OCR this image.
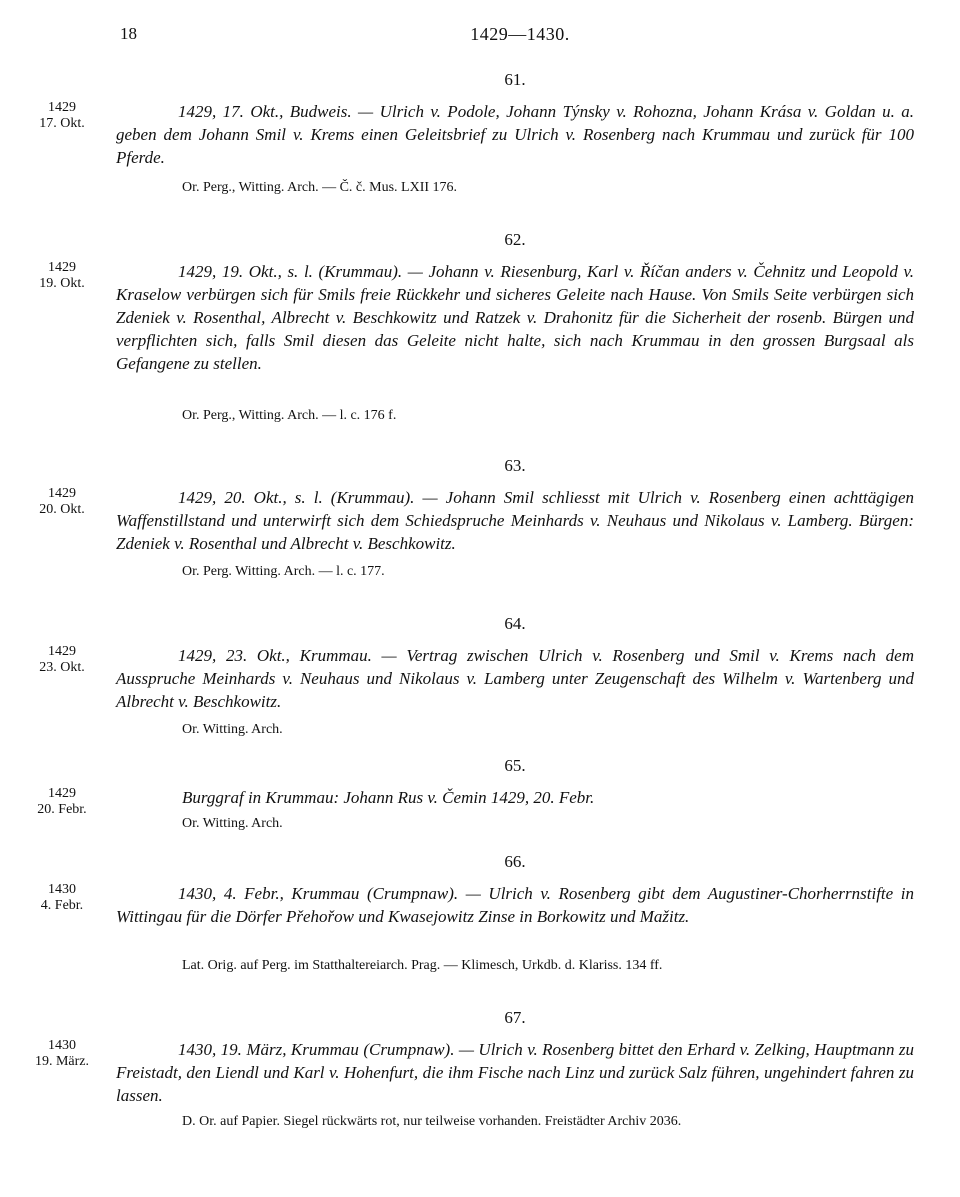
18	1429—1430.
61.
1429
17. Okt.
1429, 17. Okt., Budweis. — Ulrich v. Podole, Johann Týnsky v. Rohozna, Johann Krása v. Goldan u. a. geben dem Johann Smil v. Krems einen Geleitsbrief zu Ulrich v. Rosenberg nach Krummau und zurück für 100 Pferde.
Or. Perg., Witting. Arch. — Č. č. Mus. LXII 176.
62.
1429
19. Okt.
1429, 19. Okt., s. l. (Krummau). — Johann v. Riesenburg, Karl v. Říčan anders v. Čehnitz und Leopold v. Kraselow verbürgen sich für Smils freie Rückkehr und sicheres Geleite nach Hause. Von Smils Seite verbürgen sich Zdeniek v. Rosenthal, Albrecht v. Beschkowitz und Ratzek v. Drahonitz für die Sicherheit der rosenb. Bürgen und verpflichten sich, falls Smil diesen das Geleite nicht halte, sich nach Krummau in den grossen Burgsaal als Gefangene zu stellen.
Or. Perg., Witting. Arch. — l. c. 176 f.
63.
1429
20. Okt.
1429, 20. Okt., s. l. (Krummau). — Johann Smil schliesst mit Ulrich v. Rosenberg einen achttägigen Waffenstillstand und unterwirft sich dem Schiedspruche Meinhards v. Neuhaus und Nikolaus v. Lamberg. Bürgen: Zdeniek v. Rosenthal und Albrecht v. Beschkowitz.
Or. Perg. Witting. Arch. — l. c. 177.
64.
1429
23. Okt.
1429, 23. Okt., Krummau. — Vertrag zwischen Ulrich v. Rosenberg und Smil v. Krems nach dem Ausspruche Meinhards v. Neuhaus und Nikolaus v. Lamberg unter Zeugenschaft des Wilhelm v. Wartenberg und Albrecht v. Beschkowitz.
Or. Witting. Arch.
65.
1429
20. Febr.
Burggraf in Krummau: Johann Rus v. Čemin 1429, 20. Febr.
Or. Witting. Arch.
66.
1430
4. Febr.
1430, 4. Febr., Krummau (Crumpnaw). — Ulrich v. Rosenberg gibt dem Augustiner-Chorherrnstifte in Wittingau für die Dörfer Přehořow und Kwasejowitz Zinse in Borkowitz und Mažitz.
Lat. Orig. auf Perg. im Statthaltereiarch. Prag. — Klimesch, Urkdb. d. Klariss. 134 ff.
67.
1430
19. März.
1430, 19. März, Krummau (Crumpnaw). — Ulrich v. Rosenberg bittet den Erhard v. Zelking, Hauptmann zu Freistadt, den Liendl und Karl v. Hohenfurt, die ihm Fische nach Linz und zurück Salz führen, ungehindert fahren zu lassen.
D. Or. auf Papier. Siegel rückwärts rot, nur teilweise vorhanden. Freistädter Archiv 2036.
